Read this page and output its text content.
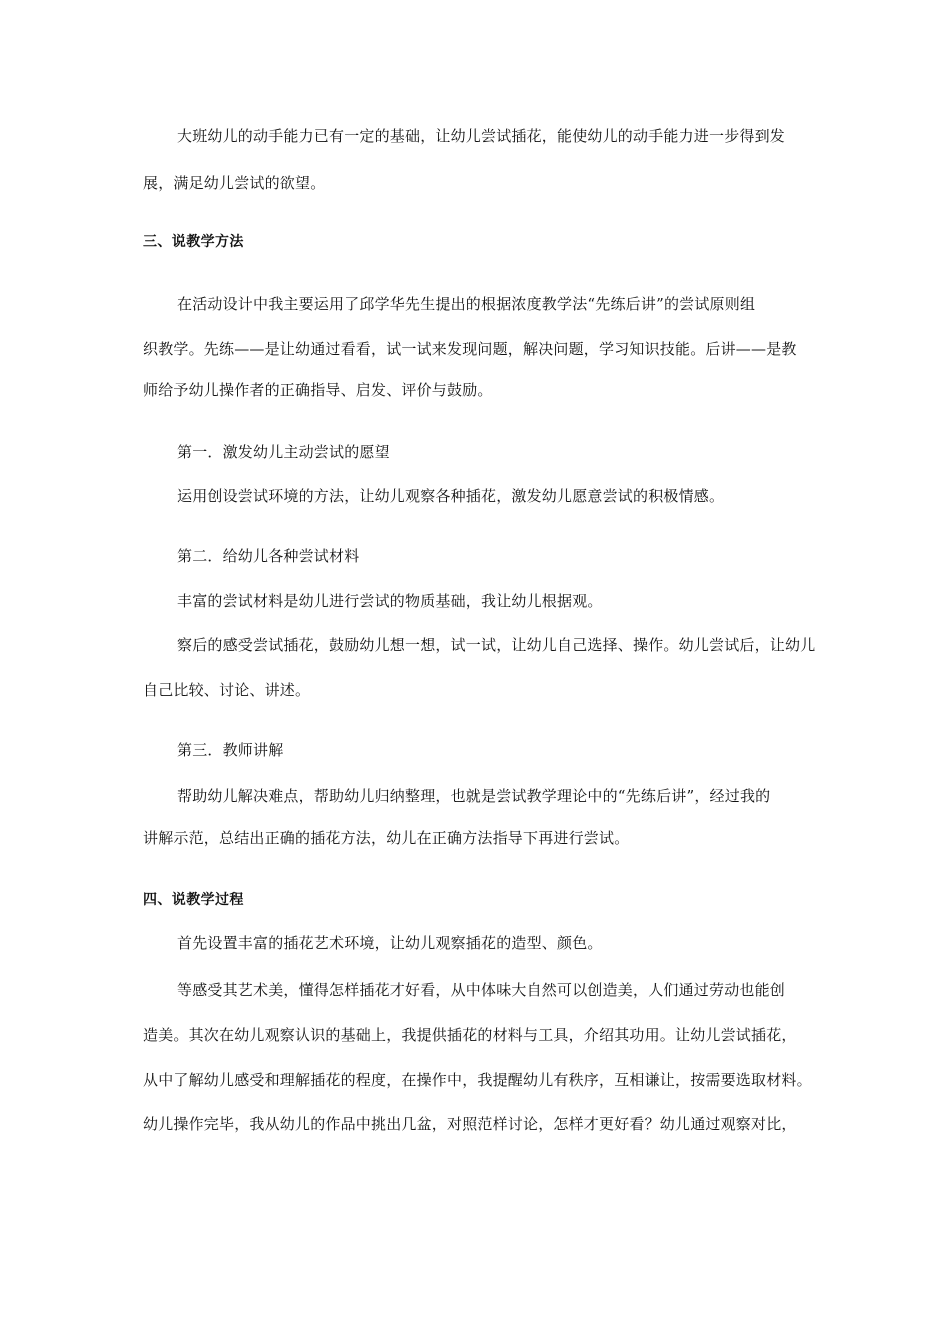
大班幼儿的动手能力已有一定的基础，让幼儿尝试插花，能使幼儿的动手能力进一步得到发
展，满足幼儿尝试的欲望。
三、说教学方法
在活动设计中我主要运用了邱学华先生提出的根据浓度教学法“先练后讲”的尝试原则组
织教学。先练——是让幼通过看看，试一试来发现问题，解决问题，学习知识技能。后讲——是教
师给予幼儿操作者的正确指导、启发、评价与鼓励。
第一．激发幼儿主动尝试的愿望
运用创设尝试环境的方法，让幼儿观察各种插花，激发幼儿愿意尝试的积极情感。
第二．给幼儿各种尝试材料
丰富的尝试材料是幼儿进行尝试的物质基础，我让幼儿根据观。
察后的感受尝试插花，鼓励幼儿想一想，试一试，让幼儿自己选择、操作。幼儿尝试后，让幼儿
自己比较、讨论、讲述。
第三．教师讲解
帮助幼儿解决难点，帮助幼儿归纳整理，也就是尝试教学理论中的“先练后讲”，经过我的
讲解示范，总结出正确的插花方法，幼儿在正确方法指导下再进行尝试。
四、说教学过程
首先设置丰富的插花艺术环境，让幼儿观察插花的造型、颜色。
等感受其艺术美，懂得怎样插花才好看，从中体味大自然可以创造美，人们通过劳动也能创
造美。其次在幼儿观察认识的基础上，我提供插花的材料与工具，介绍其功用。让幼儿尝试插花，
从中了解幼儿感受和理解插花的程度，在操作中，我提醒幼儿有秩序，互相谦让，按需要选取材料。
幼儿操作完毕，我从幼儿的作品中挑出几盆，对照范样讨论，怎样才更好看？幼儿通过观察对比，
